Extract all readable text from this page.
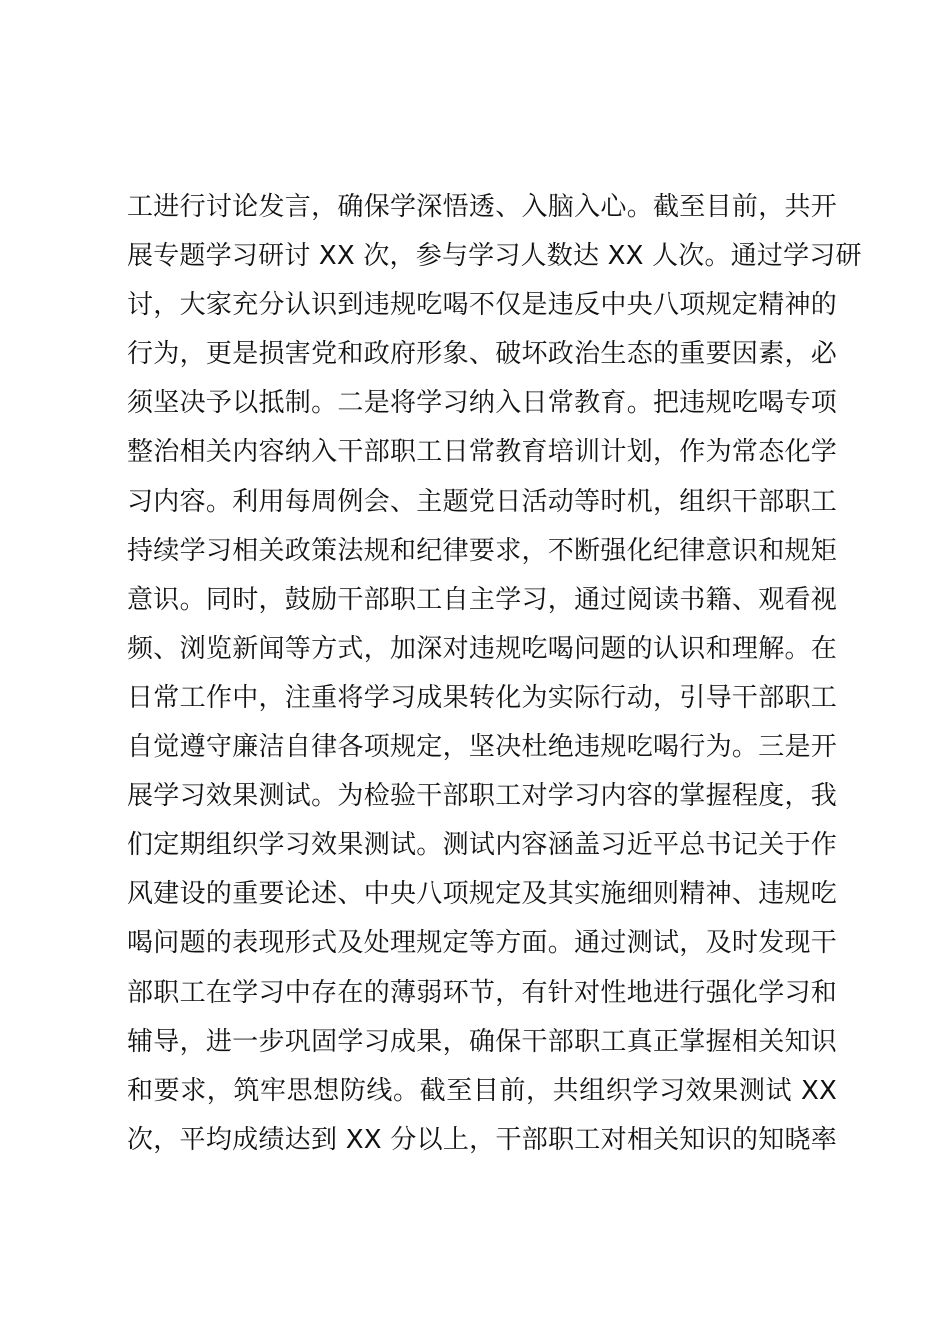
工进行讨论发言，确保学深悟透、入脑入心。截至目前，共开
展专题学习研讨 XX 次，参与学习人数达 XX 人次。通过学习研
讨，大家充分认识到违规吃喝不仅是违反中央八项规定精神的
行为，更是损害党和政府形象、破坏政治生态的重要因素，必
须坚决予以抵制。二是将学习纳入日常教育。把违规吃喝专项
整治相关内容纳入干部职工日常教育培训计划，作为常态化学
习内容。利用每周例会、主题党日活动等时机，组织干部职工
持续学习相关政策法规和纪律要求，不断强化纪律意识和规矩
意识。同时，鼓励干部职工自主学习，通过阅读书籍、观看视
频、浏览新闻等方式，加深对违规吃喝问题的认识和理解。在
日常工作中，注重将学习成果转化为实际行动，引导干部职工
自觉遵守廉洁自律各项规定，坚决杜绝违规吃喝行为。三是开
展学习效果测试。为检验干部职工对学习内容的掌握程度，我
们定期组织学习效果测试。测试内容涵盖习近平总书记关于作
风建设的重要论述、中央八项规定及其实施细则精神、违规吃
喝问题的表现形式及处理规定等方面。通过测试，及时发现干
部职工在学习中存在的薄弱环节，有针对性地进行强化学习和
辅导，进一步巩固学习成果，确保干部职工真正掌握相关知识
和要求，筑牢思想防线。截至目前，共组织学习效果测试 XX
次，平均成绩达到 XX 分以上，干部职工对相关知识的知晓率
